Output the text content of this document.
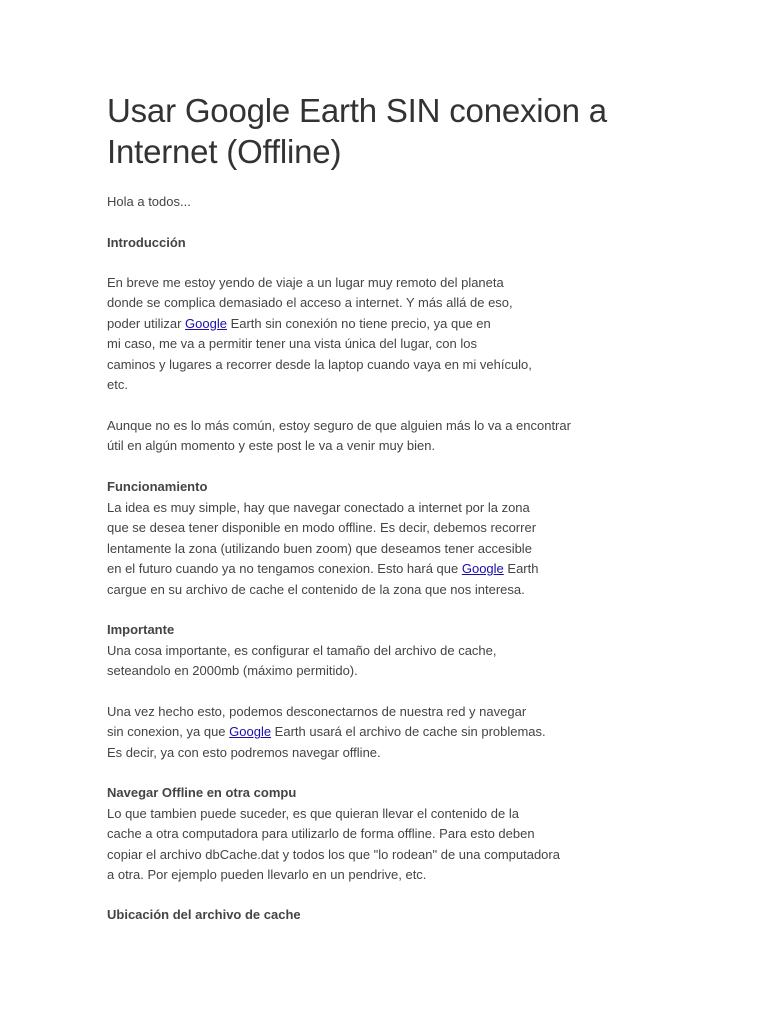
Usar Google Earth SIN conexion a Internet (Offline)

Hola a todos...

Introducción

En breve me estoy yendo de viaje a un lugar muy remoto del planeta
donde se complica demasiado el acceso a internet. Y más allá de eso,
poder utilizar Google Earth sin conexión no tiene precio, ya que en
mi caso, me va a permitir tener una vista única del lugar, con los
caminos y lugares a recorrer desde la laptop cuando vaya en mi vehículo,
etc.

Aunque no es lo más común, estoy seguro de que alguien más lo va a encontrar
útil en algún momento y este post le va a venir muy bien.

Funcionamiento

La idea es muy simple, hay que navegar conectado a internet por la zona
que se desea tener disponible en modo offline. Es decir, debemos recorrer
lentamente la zona (utilizando buen zoom) que deseamos tener accesible
en el futuro cuando ya no tengamos conexion. Esto hará que Google Earth
cargue en su archivo de cache el contenido de la zona que nos interesa.

Importante

Una cosa importante, es configurar el tamaño del archivo de cache,
seteandolo en 2000mb (máximo permitido).

Una vez hecho esto, podemos desconectarnos de nuestra red y navegar
sin conexion, ya que Google Earth usará el archivo de cache sin problemas.
Es decir, ya con esto podremos navegar offline.

Navegar Offline en otra compu

Lo que tambien puede suceder, es que quieran llevar el contenido de la
cache a otra computadora para utilizarlo de forma offline. Para esto deben
copiar el archivo dbCache.dat y todos los que "lo rodean" de una computadora
a otra. Por ejemplo pueden llevarlo en un pendrive, etc.

Ubicación del archivo de cache
